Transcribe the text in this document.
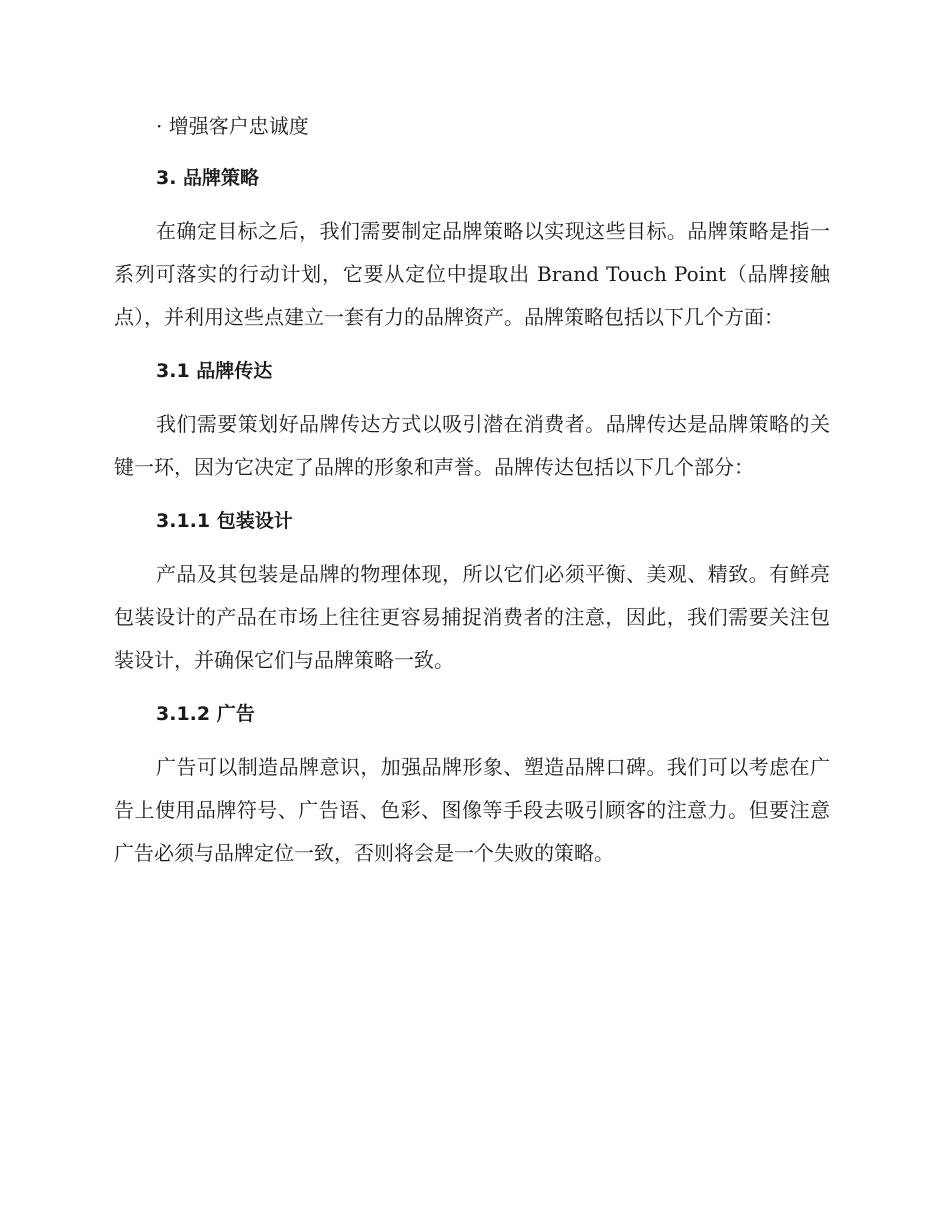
· 增强客户忠诚度

3. 品牌策略

在确定目标之后，我们需要制定品牌策略以实现这些目标。品牌策略是指一系列可落实的行动计划，它要从定位中提取出 Brand Touch Point（品牌接触点），并利用这些点建立一套有力的品牌资产。品牌策略包括以下几个方面：

3.1 品牌传达

我们需要策划好品牌传达方式以吸引潜在消费者。品牌传达是品牌策略的关键一环，因为它决定了品牌的形象和声誉。品牌传达包括以下几个部分：

3.1.1 包装设计

产品及其包装是品牌的物理体现，所以它们必须平衡、美观、精致。有鲜亮包装设计的产品在市场上往往更容易捕捉消费者的注意，因此，我们需要关注包装设计，并确保它们与品牌策略一致。

3.1.2 广告

广告可以制造品牌意识，加强品牌形象、塑造品牌口碑。我们可以考虑在广告上使用品牌符号、广告语、色彩、图像等手段去吸引顾客的注意力。但要注意广告必须与品牌定位一致，否则将会是一个失败的策略。
